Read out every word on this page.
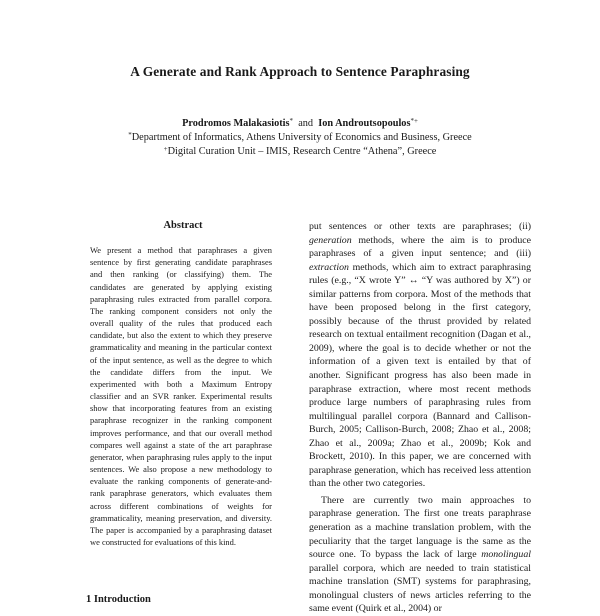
A Generate and Rank Approach to Sentence Paraphrasing
Prodromos Malakasiotis* and Ion Androutsopoulos*+
*Department of Informatics, Athens University of Economics and Business, Greece
+Digital Curation Unit – IMIS, Research Centre “Athena”, Greece
Abstract
We present a method that paraphrases a given sentence by first generating candidate paraphrases and then ranking (or classifying) them. The candidates are generated by applying existing paraphrasing rules extracted from parallel corpora. The ranking component considers not only the overall quality of the rules that produced each candidate, but also the extent to which they preserve grammaticality and meaning in the particular context of the input sentence, as well as the degree to which the candidate differs from the input. We experimented with both a Maximum Entropy classifier and an SVR ranker. Experimental results show that incorporating features from an existing paraphrase recognizer in the ranking component improves performance, and that our overall method compares well against a state of the art paraphrase generator, when paraphrasing rules apply to the input sentences. We also propose a new methodology to evaluate the ranking components of generate-and-rank paraphrase generators, which evaluates them across different combinations of weights for grammaticality, meaning preservation, and diversity. The paper is accompanied by a paraphrasing dataset we constructed for evaluations of this kind.

put sentences or other texts are paraphrases; (ii) generation methods, where the aim is to produce paraphrases of a given input sentence; and (iii) extraction methods, which aim to extract paraphrasing rules (e.g., “X wrote Y” ↔ “Y was authored by X”) or similar patterns from corpora. Most of the methods that have been proposed belong in the first category, possibly because of the thrust provided by related research on textual entailment recognition (Dagan et al., 2009), where the goal is to decide whether or not the information of a given text is entailed by that of another. Significant progress has also been made in paraphrase extraction, where most recent methods produce large numbers of paraphrasing rules from multilingual parallel corpora (Bannard and Callison-Burch, 2005; Callison-Burch, 2008; Zhao et al., 2008; Zhao et al., 2009a; Zhao et al., 2009b; Kok and Brockett, 2010). In this paper, we are concerned with paraphrase generation, which has received less attention than the other two categories.

There are currently two main approaches to paraphrase generation. The first one treats paraphrase generation as a machine translation problem, with the peculiarity that the target language is the same as the source one. To bypass the lack of large monolingual parallel corpora, which are needed to train statistical machine translation (SMT) systems for paraphrasing, monolingual clusters of news articles referring to the same event (Quirk et al., 2004) or

1 Introduction
